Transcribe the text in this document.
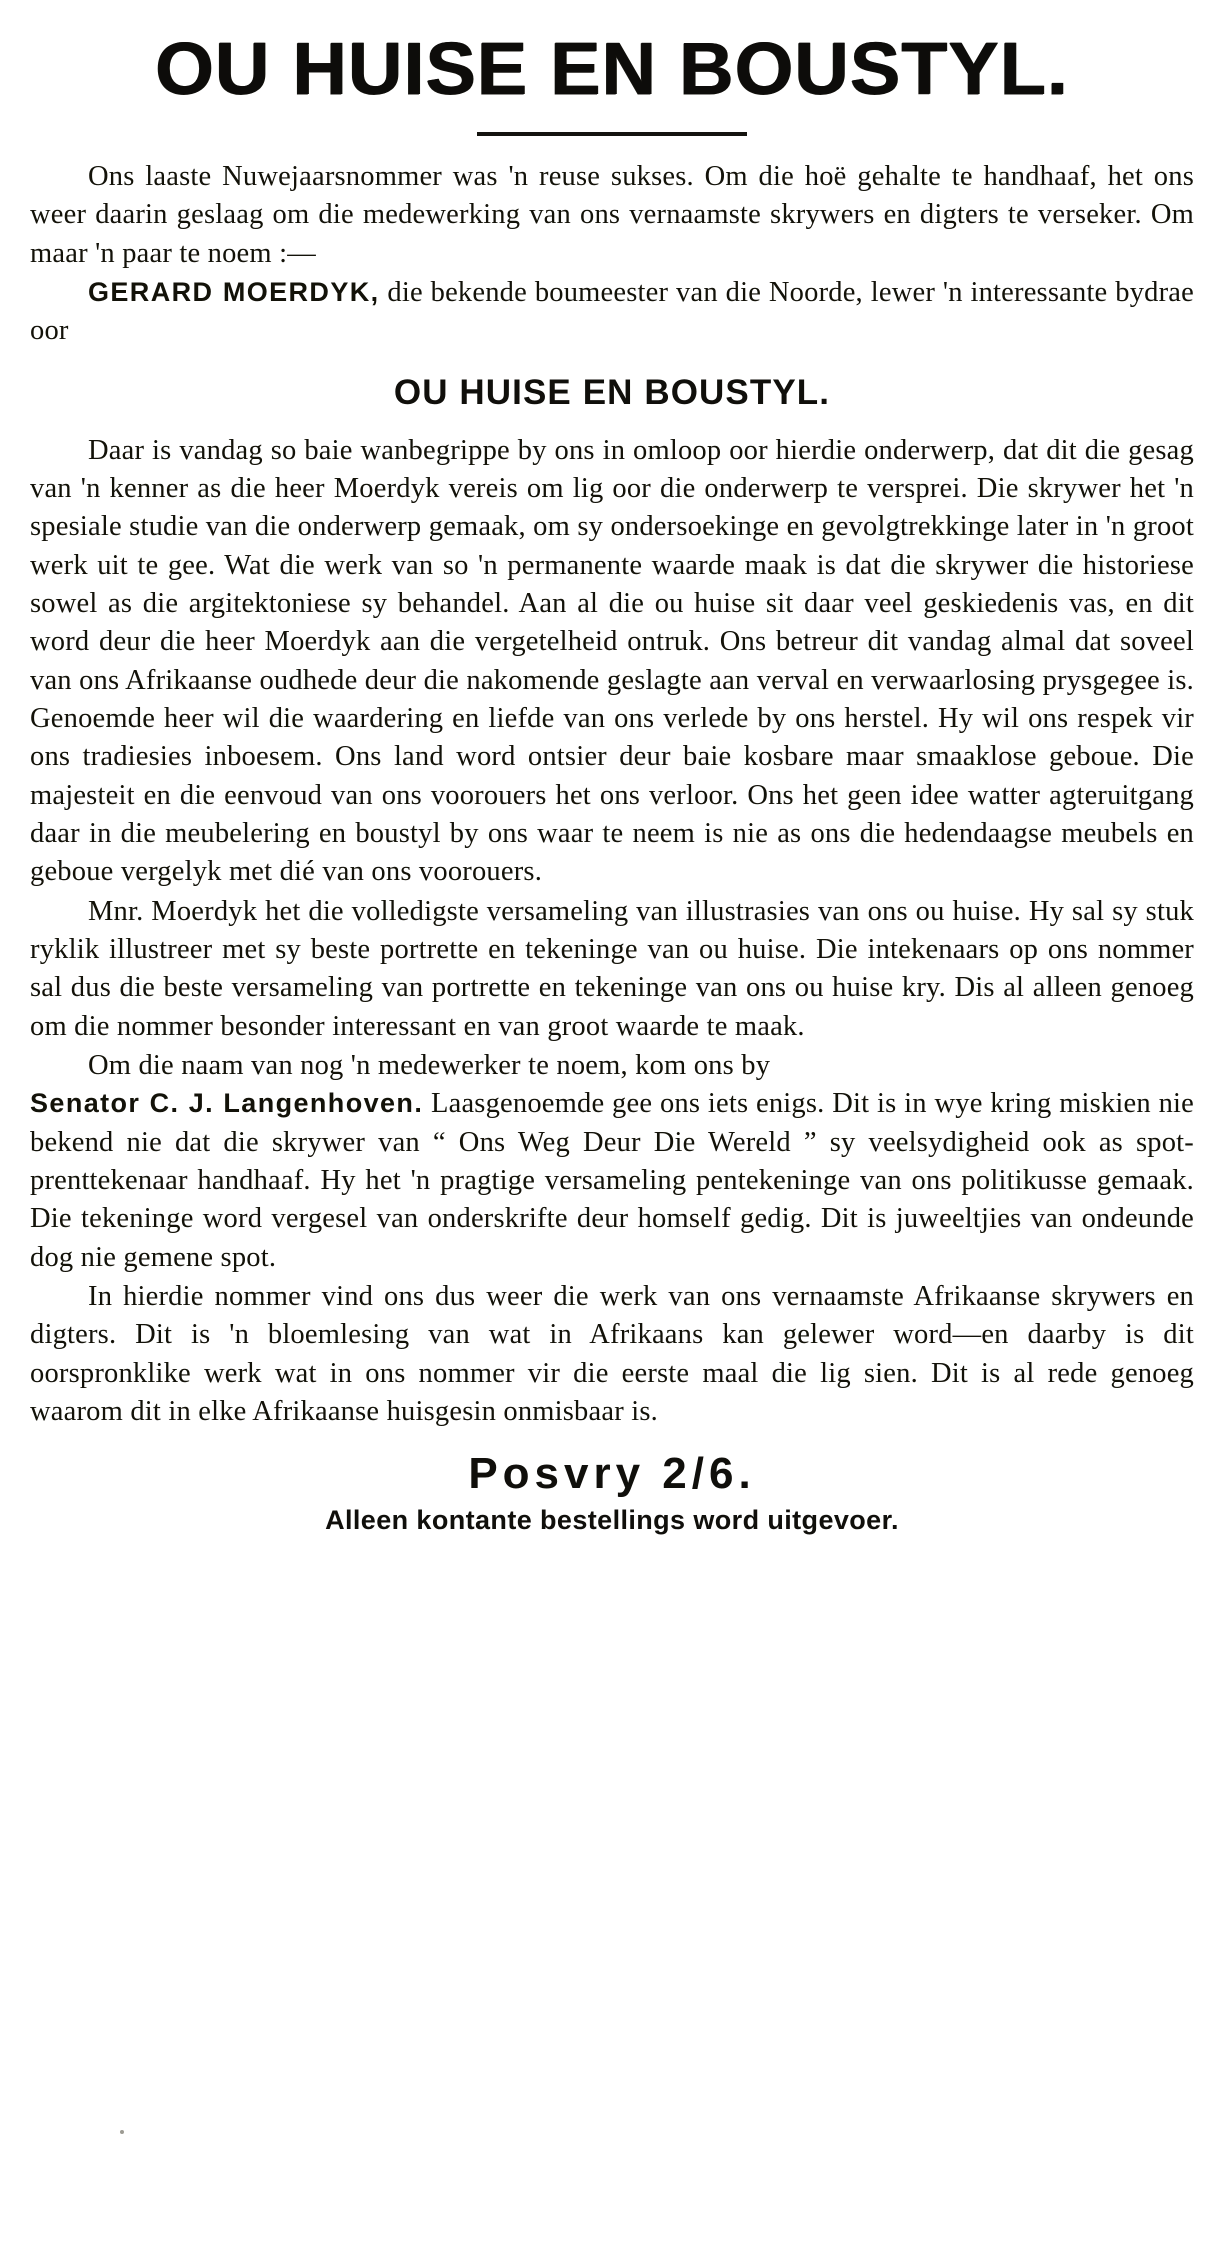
OU HUISE EN BOUSTYL.

Ons laaste Nuwejaarsnommer was 'n reuse sukses. Om die hoë gehalte te handhaaf, het ons weer daarin geslaag om die medewerking van ons vernaamste skrywers en digters te verseker. Om maar 'n paar te noem :—

GERARD MOERDYK, die bekende boumeester van die Noorde, lewer 'n interessante bydrae oor

OU HUISE EN BOUSTYL.

Daar is vandag so baie wanbegrippe by ons in omloop oor hierdie onderwerp, dat dit die gesag van 'n kenner as die heer Moerdyk vereis om lig oor die onderwerp te versprei. Die skrywer het 'n spesiale studie van die onderwerp gemaak, om sy ondersoekinge en gevolgtrekkinge later in 'n groot werk uit te gee. Wat die werk van so 'n permanente waarde maak is dat die skrywer die historiese sowel as die argitektoniese sy behandel. Aan al die ou huise sit daar veel geskiedenis vas, en dit word deur die heer Moerdyk aan die vergetelheid ontruk. Ons betreur dit vandag almal dat soveel van ons Afrikaanse oudhede deur die nakomende geslagte aan verval en verwaarlosing prysgegee is. Genoemde heer wil die waardering en liefde van ons verlede by ons herstel. Hy wil ons respek vir ons tradiesies inboesem. Ons land word ontsier deur baie kosbare maar smaaklose geboue. Die majesteit en die eenvoud van ons voorouers het ons verloor. Ons het geen idee watter agteruitgang daar in die meubelering en boustyl by ons waar te neem is nie as ons die hedendaagse meubels en geboue vergelyk met dié van ons voorouers.

Mnr. Moerdyk het die volledigste versameling van illustrasies van ons ou huise. Hy sal sy stuk ryklik illustreer met sy beste portrette en tekeninge van ou huise. Die intekenaars op ons nommer sal dus die beste versameling van portrette en tekeninge van ons ou huise kry. Dis al alleen genoeg om die nommer besonder interessant en van groot waarde te maak.

Om die naam van nog 'n medewerker te noem, kom ons by
Senator C. J. Langenhoven. Laasgenoemde gee ons iets enigs. Dit is in wye kring miskien nie bekend nie dat die skrywer van “ Ons Weg Deur Die Wereld ” sy veelsydigheid ook as spot-prenttekenaar handhaaf. Hy het 'n pragtige versameling pentekeninge van ons politikusse gemaak. Die tekeninge word vergesel van onderskrifte deur homself gedig. Dit is juweeltjies van ondeunde dog nie gemene spot.

In hierdie nommer vind ons dus weer die werk van ons vernaamste Afrikaanse skrywers en digters. Dit is 'n bloemlesing van wat in Afrikaans kan gelewer word—en daarby is dit oorspronklike werk wat in ons nommer vir die eerste maal die lig sien. Dit is al rede genoeg waarom dit in elke Afrikaanse huisgesin onmisbaar is.

Posvry 2/6.
Alleen kontante bestellings word uitgevoer.
